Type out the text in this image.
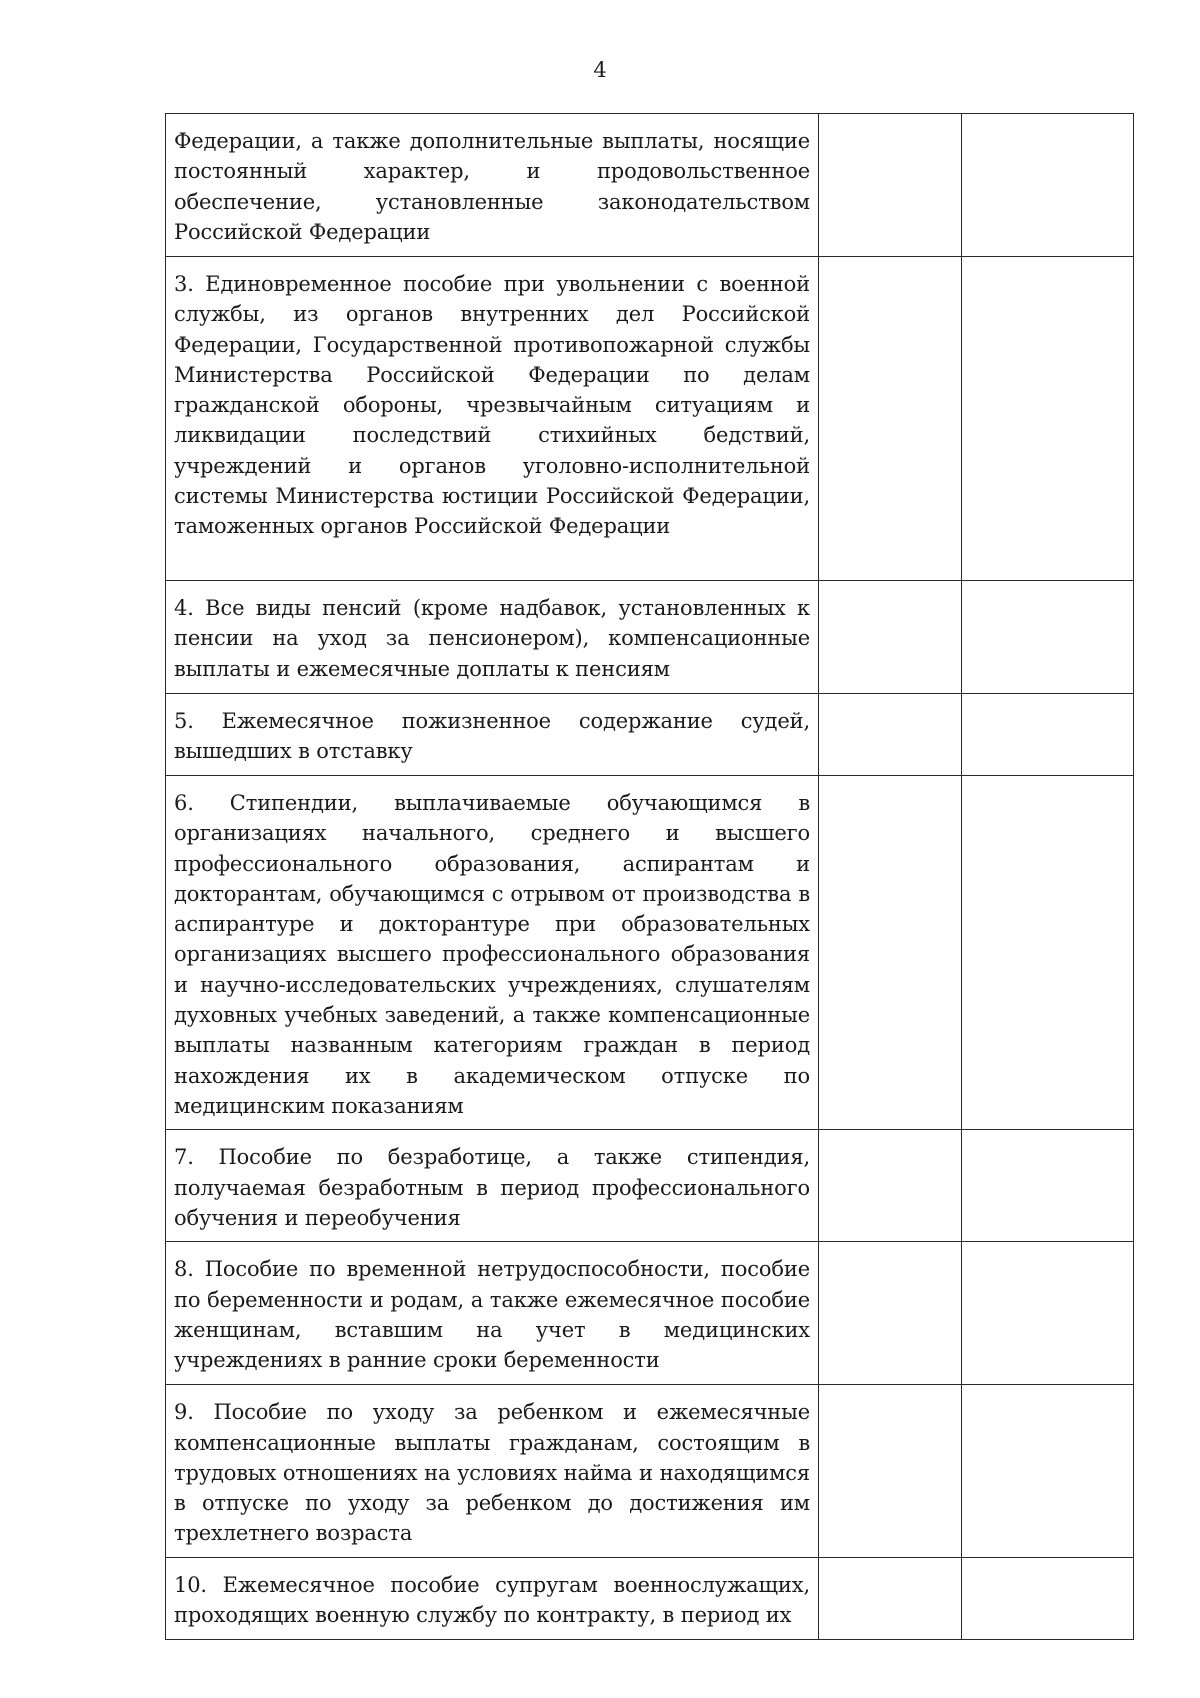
4
Федерации, а также дополнительные выплаты, носящие постоянный характер, и продовольственное обеспечение, установленные законодательством Российской Федерации		

3. Единовременное пособие при увольнении с военной службы, из органов внутренних дел Российской Федерации, Государственной противопожарной службы Министерства Российской Федерации по делам гражданской обороны, чрезвычайным ситуациям и ликвидации последствий стихийных бедствий, учреждений и органов уголовно-исполнительной системы Министерства юстиции Российской Федерации, таможенных органов Российской Федерации		

4. Все виды пенсий (кроме надбавок, установленных к пенсии на уход за пенсионером), компенсационные выплаты и ежемесячные доплаты к пенсиям		

5. Ежемесячное пожизненное содержание судей, вышедших в отставку		

6. Стипендии, выплачиваемые обучающимся в организациях начального, среднего и высшего профессионального образования, аспирантам и докторантам, обучающимся с отрывом от производства в аспирантуре и докторантуре при образовательных организациях высшего профессионального образования и научно-исследовательских учреждениях, слушателям духовных учебных заведений, а также компенсационные выплаты названным категориям граждан в период нахождения их в академическом отпуске по медицинским показаниям		

7. Пособие по безработице, а также стипендия, получаемая безработным в период профессионального обучения и переобучения		

8. Пособие по временной нетрудоспособности, пособие по беременности и родам, а также ежемесячное пособие женщинам, вставшим на учет в медицинских учреждениях в ранние сроки беременности		

9. Пособие по уходу за ребенком и ежемесячные компенсационные выплаты гражданам, состоящим в трудовых отношениях на условиях найма и находящимся в отпуске по уходу за ребенком до достижения им трехлетнего возраста		

10. Ежемесячное пособие супругам военнослужащих, проходящих военную службу по контракту, в период их		
